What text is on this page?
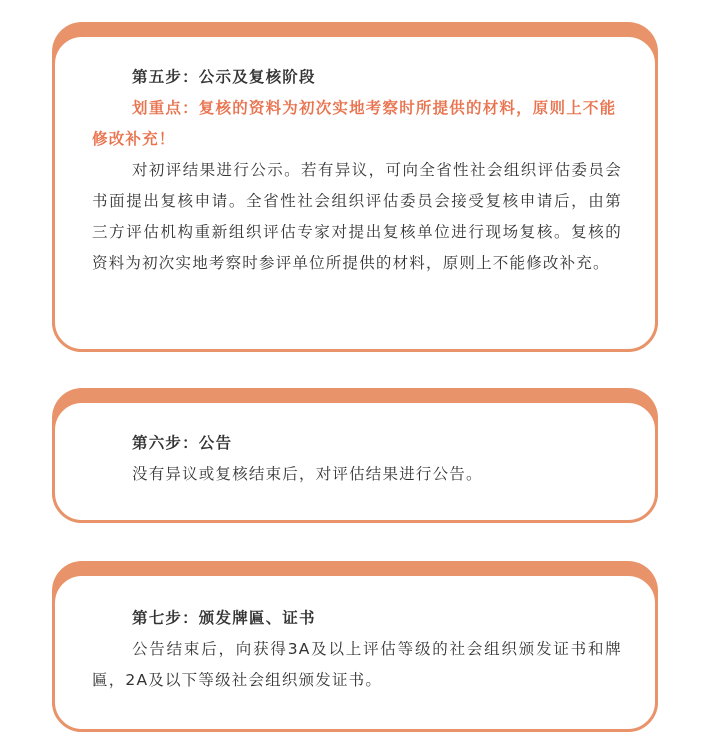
第五步：公示及复核阶段

划重点：复核的资料为初次实地考察时所提供的材料，原则上不能修改补充！

对初评结果进行公示。若有异议，可向全省性社会组织评估委员会书面提出复核申请。全省性社会组织评估委员会接受复核申请后，由第三方评估机构重新组织评估专家对提出复核单位进行现场复核。复核的资料为初次实地考察时参评单位所提供的材料，原则上不能修改补充。

第六步：公告

没有异议或复核结束后，对评估结果进行公告。

第七步：颁发牌匾、证书

公告结束后，向获得3A及以上评估等级的社会组织颁发证书和牌匾，2A及以下等级社会组织颁发证书。
